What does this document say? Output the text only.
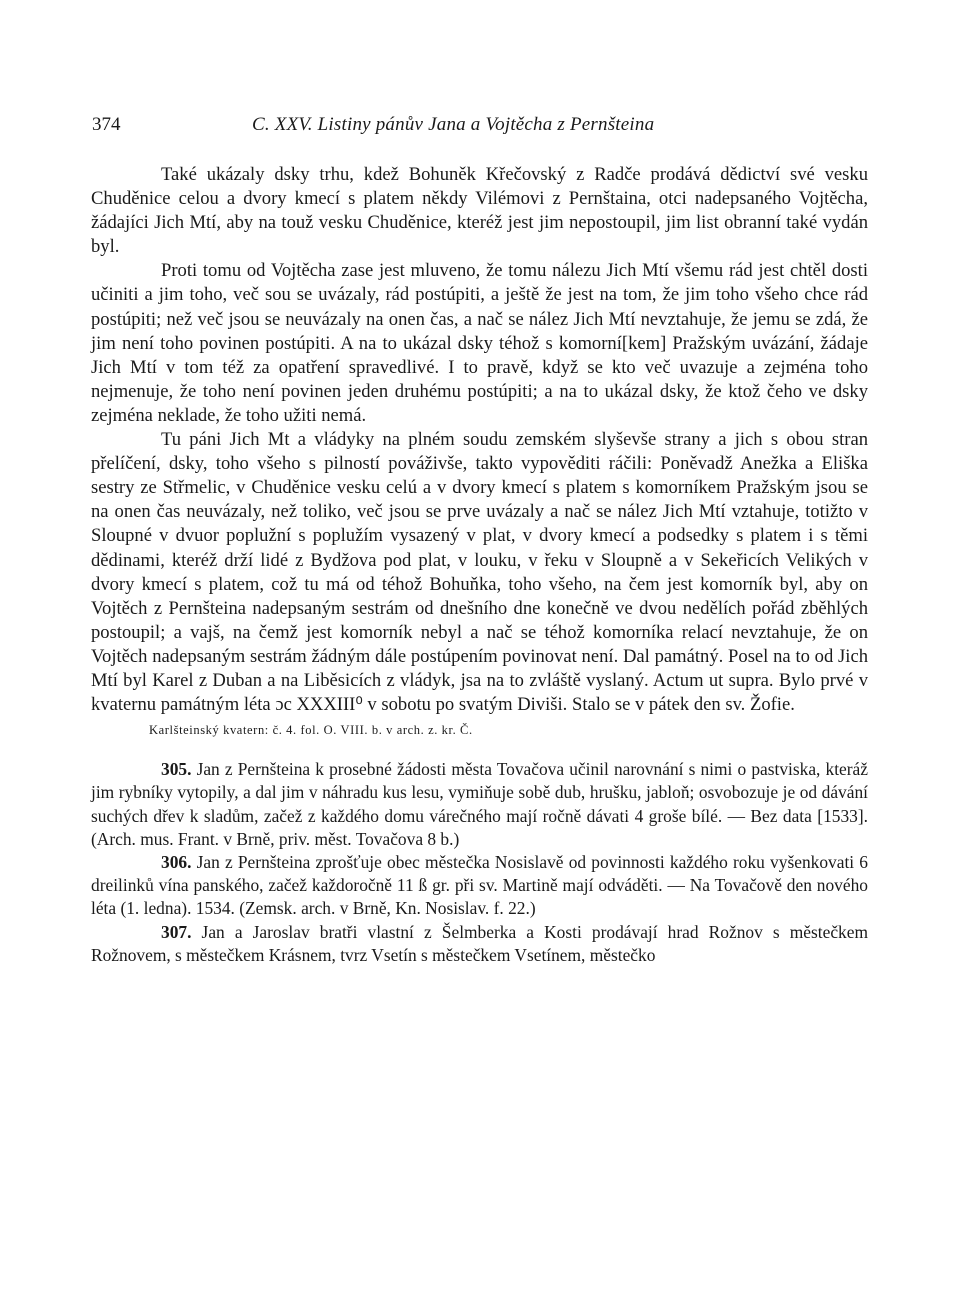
374	C. XXV. Listiny pánův Jana a Vojtěcha z Pernšteina

Také ukázaly dsky trhu, kdež Bohuněk Křečovský z Radče prodává dědictví své vesku Chuděnice celou a dvory kmecí s platem někdy Vilémovi z Pernštaina, otci nadepsaného Vojtěcha, žádajíci Jich Mtí, aby na touž vesku Chuděnice, kteréž jest jim nepostoupil, jim list obranní také vydán byl.

Proti tomu od Vojtěcha zase jest mluveno, že tomu nálezu Jich Mtí všemu rád jest chtěl dosti učiniti a jim toho, več sou se uvázaly, rád postúpiti, a ještě že jest na tom, že jim toho všeho chce rád postúpiti; než več jsou se neuvázaly na onen čas, a nač se nález Jich Mtí nevztahuje, že jemu se zdá, že jim není toho povinen postúpiti. A na to ukázal dsky téhož s komorní[kem] Pražským uvázání, žádaje Jich Mtí v tom též za opatření spravedlivé. I to pravě, když se kto več uvazuje a zejména toho nejmenuje, že toho není povinen jeden druhému postúpiti; a na to ukázal dsky, že ktož čeho ve dsky zejména neklade, že toho užiti nemá.

Tu páni Jich Mt a vládyky na plném soudu zemském slyševše strany a jich s obou stran přelíčení, dsky, toho všeho s pilností pováživše, takto vypověditi ráčili: Poněvadž Anežka a Eliška sestry ze Střmelic, v Chuděnice vesku celú a v dvory kmecí s platem s komorníkem Pražským jsou se na onen čas neuvázaly, než toliko, več jsou se prve uvázaly a nač se nález Jich Mtí vztahuje, totižto v Sloupné v dvuor poplužní s poplužím vysazený v plat, v dvory kmecí a podsedky s platem i s těmi dědinami, kteréž drží lidé z Bydžova pod plat, v louku, v řeku v Sloupně a v Sekeřicích Velikých v dvory kmecí s platem, což tu má od téhož Bohuňka, toho všeho, na čem jest komorník byl, aby on Vojtěch z Pernšteina nadepsaným sestrám od dnešního dne konečně ve dvou nedělích pořád zběhlých postoupil; a vajš, na čemž jest komorník nebyl a nač se téhož komorníka relací nevztahuje, že on Vojtěch nadepsaným sestrám žádným dále postúpením povinovat není. Dal památný. Posel na to od Jich Mtí byl Karel z Duban a na Liběsicích z vládyk, jsa na to zvláště vyslaný. Actum ut supra. Bylo prvé v kvaternu památným léta ɔc XXXIII⁰ v sobotu po svatým Diviši. Stalo se v pátek den sv. Žofie.

Karlšteinský kvatern: č. 4. fol. O. VIII. b. v arch. z. kr. Č.

305. Jan z Pernšteina k prosebné žádosti města Tovačova učinil narovnání s nimi o pastviska, kteráž jim rybníky vytopily, a dal jim v náhradu kus lesu, vymiňuje sobě dub, hrušku, jabloň; osvobozuje je od dávání suchých dřev k sladům, začež z každého domu várečného mají ročně dávati 4 groše bílé. — Bez data [1533]. (Arch. mus. Frant. v Brně, priv. měst. Tovačova 8 b.)

306. Jan z Pernšteina zprošťuje obec městečka Nosislavě od povinnosti každého roku vyšenkovati 6 dreilinků vína panského, začež každoročně 11 ß gr. při sv. Martině mají odváděti. — Na Tovačově den nového léta (1. ledna). 1534. (Zemsk. arch. v Brně, Kn. Nosislav. f. 22.)

307. Jan a Jaroslav bratři vlastní z Šelmberka a Kosti prodávají hrad Rožnov s městečkem Rožnovem, s městečkem Krásnem, tvrz Vsetín s městečkem Vsetínem, městečko
